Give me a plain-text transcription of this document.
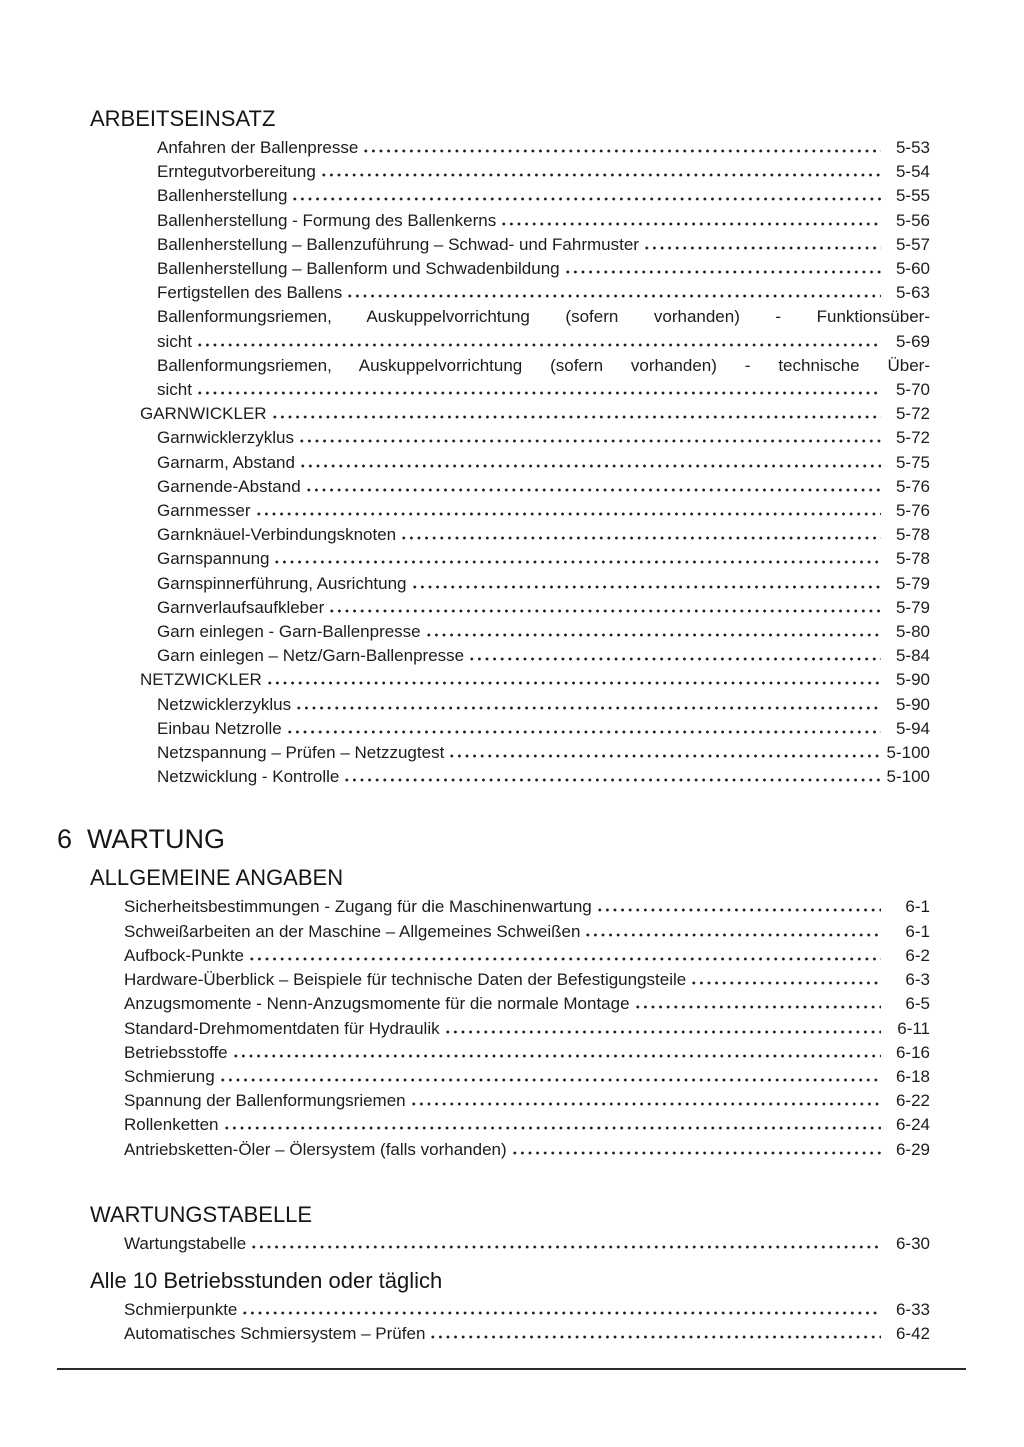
ARBEITSEINSATZ
Anfahren der Ballenpresse	5-53
Erntegutvorbereitung	5-54
Ballenherstellung	5-55
Ballenherstellung - Formung des Ballenkerns	5-56
Ballenherstellung – Ballenzuführung – Schwad- und Fahrmuster	5-57
Ballenherstellung – Ballenform und Schwadenbildung	5-60
Fertigstellen des Ballens	5-63
Ballenformungsriemen, Auskuppelvorrichtung (sofern vorhanden) - Funktionsüber-
sicht	5-69
Ballenformungsriemen, Auskuppelvorrichtung (sofern vorhanden) - technische Über-
sicht	5-70
GARNWICKLER	5-72
Garnwicklerzyklus	5-72
Garnarm, Abstand	5-75
Garnende-Abstand	5-76
Garnmesser	5-76
Garnknäuel-Verbindungsknoten	5-78
Garnspannung	5-78
Garnspinnerführung, Ausrichtung	5-79
Garnverlaufsaufkleber	5-79
Garn einlegen - Garn-Ballenpresse	5-80
Garn einlegen – Netz/Garn-Ballenpresse	5-84
NETZWICKLER	5-90
Netzwicklerzyklus	5-90
Einbau Netzrolle	5-94
Netzspannung – Prüfen – Netzzugtest	5-100
Netzwicklung - Kontrolle	5-100
6  WARTUNG
ALLGEMEINE ANGABEN
Sicherheitsbestimmungen - Zugang für die Maschinenwartung	6-1
Schweißarbeiten an der Maschine – Allgemeines Schweißen	6-1
Aufbock-Punkte	6-2
Hardware-Überblick – Beispiele für technische Daten der Befestigungsteile	6-3
Anzugsmomente - Nenn-Anzugsmomente für die normale Montage	6-5
Standard-Drehmomentdaten für Hydraulik	6-11
Betriebsstoffe	6-16
Schmierung	6-18
Spannung der Ballenformungsriemen	6-22
Rollenketten	6-24
Antriebsketten-Öler – Ölersystem (falls vorhanden)	6-29
WARTUNGSTABELLE
Wartungstabelle	6-30
Alle 10 Betriebsstunden oder täglich
Schmierpunkte	6-33
Automatisches Schmiersystem – Prüfen	6-42
